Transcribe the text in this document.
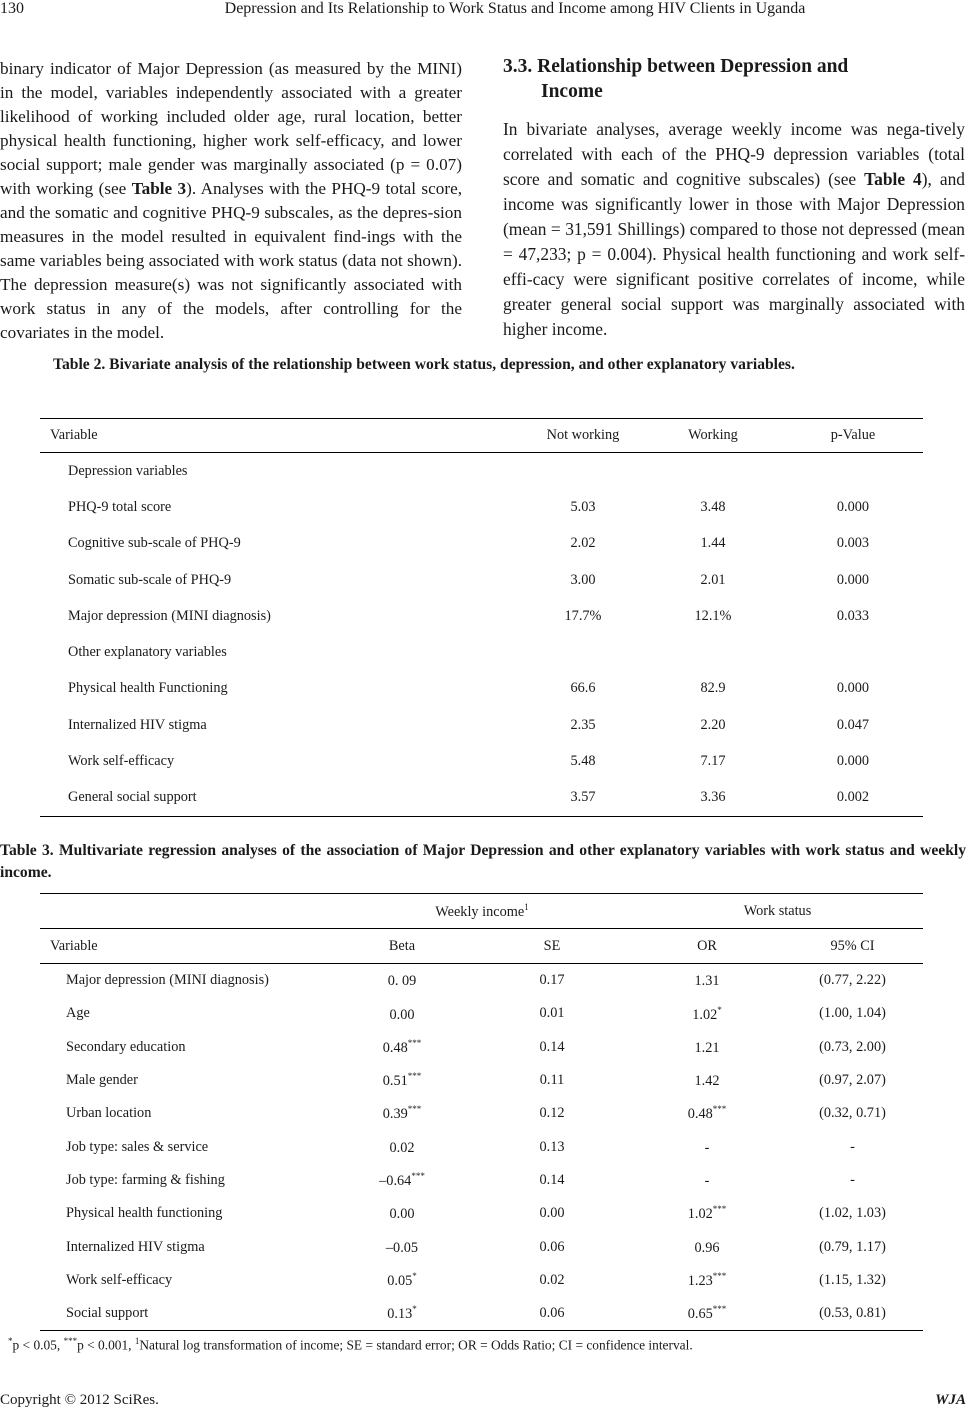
130	Depression and Its Relationship to Work Status and Income among HIV Clients in Uganda
binary indicator of Major Depression (as measured by the MINI) in the model, variables independently associated with a greater likelihood of working included older age, rural location, better physical health functioning, higher work self-efficacy, and lower social support; male gender was marginally associated (p = 0.07) with working (see Table 3). Analyses with the PHQ-9 total score, and the somatic and cognitive PHQ-9 subscales, as the depres-sion measures in the model resulted in equivalent find-ings with the same variables being associated with work status (data not shown). The depression measure(s) was not significantly associated with work status in any of the models, after controlling for the covariates in the model.
3.3. Relationship between Depression and
Income
In bivariate analyses, average weekly income was nega-tively correlated with each of the PHQ-9 depression variables (total score and somatic and cognitive subscales) (see Table 4), and income was significantly lower in those with Major Depression (mean = 31,591 Shillings) compared to those not depressed (mean = 47,233; p = 0.004). Physical health functioning and work self-effi-cacy were significant positive correlates of income, while greater general social support was marginally associated with higher income.
Table 2. Bivariate analysis of the relationship between work status, depression, and other explanatory variables.
Variable	Not working	Working	p-Value
Depression variables			
PHQ-9 total score	5.03	3.48	0.000
Cognitive sub-scale of PHQ-9	2.02	1.44	0.003
Somatic sub-scale of PHQ-9	3.00	2.01	0.000
Major depression (MINI diagnosis)	17.7%	12.1%	0.033
Other explanatory variables			
Physical health Functioning	66.6	82.9	0.000
Internalized HIV stigma	2.35	2.20	0.047
Work self-efficacy	5.48	7.17	0.000
General social support	3.57	3.36	0.002
Table 3. Multivariate regression analyses of the association of Major Depression and other explanatory variables with work status and weekly income.
	Weekly income$^1$		Work status	
Variable	Beta	SE	OR	95% CI
Major depression (MINI diagnosis)	0. 09	0.17	1.31	(0.77, 2.22)
Age	0.00	0.01	1.02*	(1.00, 1.04)
Secondary education	0.48***	0.14	1.21	(0.73, 2.00)
Male gender	0.51***	0.11	1.42	(0.97, 2.07)
Urban location	0.39***	0.12	0.48***	(0.32, 0.71)
Job type: sales & service	0.02	0.13	-	-
Job type: farming & fishing	–0.64***	0.14	-	-
Physical health functioning	0.00	0.00	1.02***	(1.02, 1.03)
Internalized HIV stigma	–0.05	0.06	0.96	(0.79, 1.17)
Work self-efficacy	0.05*	0.02	1.23***	(1.15, 1.32)
Social support	0.13*	0.06	0.65***	(0.53, 0.81)
*p < 0.05, ***p < 0.001, $^1$Natural log transformation of income; SE = standard error; OR = Odds Ratio; CI = confidence interval.
Copyright © 2012 SciRes.	WJA
